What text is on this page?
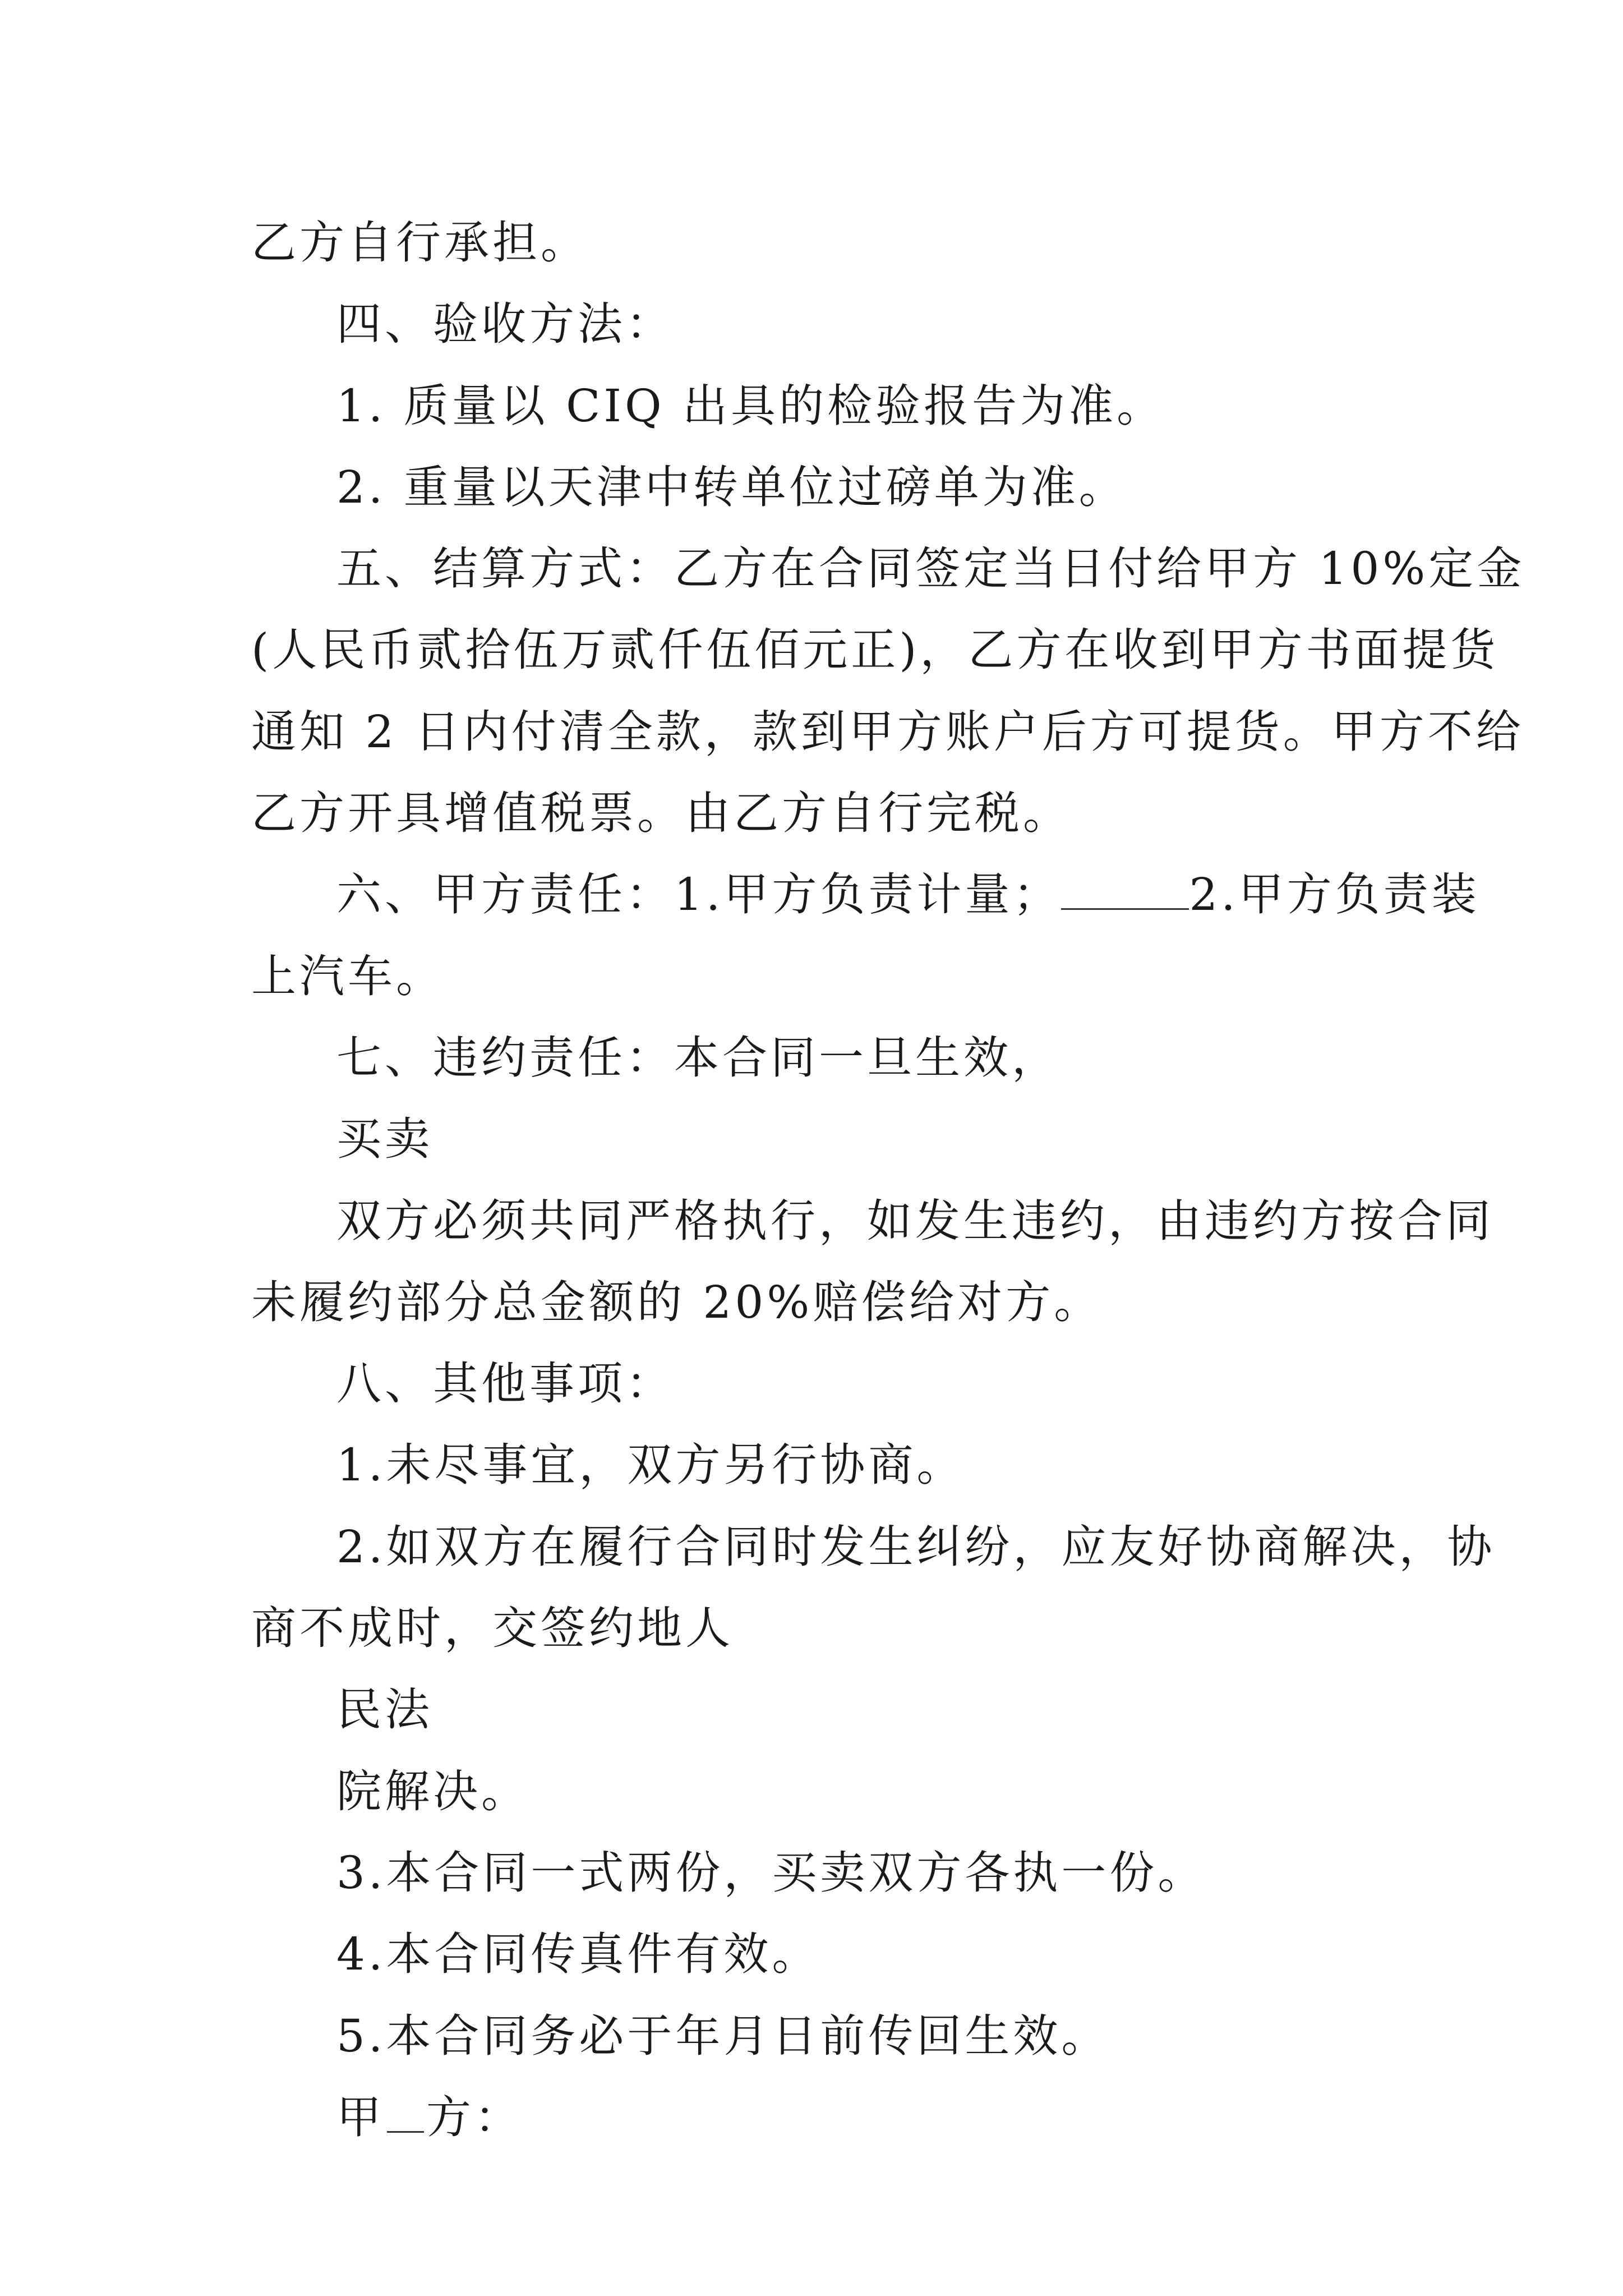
乙方自行承担。
四、验收方法：
1. 质量以 CIQ 出具的检验报告为准。
2. 重量以天津中转单位过磅单为准。
五、结算方式：乙方在合同签定当日付给甲方 10%定金
(人民币贰拾伍万贰仟伍佰元正)，乙方在收到甲方书面提货
通知 2 日内付清全款，款到甲方账户后方可提货。甲方不给
乙方开具增值税票。由乙方自行完税。
六、甲方责任：1.甲方负责计量；	2.甲方负责装
上汽车。
七、违约责任：本合同一旦生效，
买卖
双方必须共同严格执行，如发生违约，由违约方按合同
未履约部分总金额的 20%赔偿给对方。
八、其他事项：
1.未尽事宜，双方另行协商。
2.如双方在履行合同时发生纠纷，应友好协商解决，协
商不成时，交签约地人
民法
院解决。
3.本合同一式两份，买卖双方各执一份。
4.本合同传真件有效。
5.本合同务必于年月日前传回生效。
甲 方：
